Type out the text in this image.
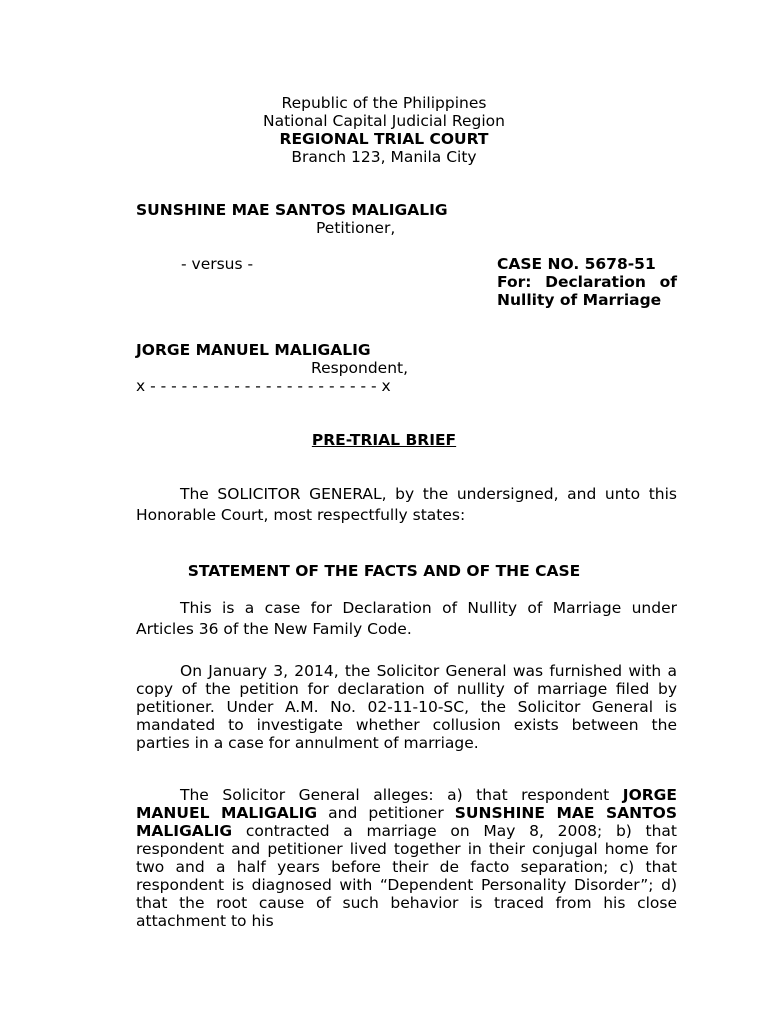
Republic of the Philippines
National Capital Judicial Region
REGIONAL TRIAL COURT
Branch 123, Manila City
SUNSHINE MAE SANTOS MALIGALIG
Petitioner,
- versus -	CASE NO. 5678-51
For: Declaration of Nullity of Marriage
JORGE MANUEL MALIGALIG
Respondent,
x - - - - - - - - - - - - - - - - - - - - - - x
PRE-TRIAL BRIEF
The SOLICITOR GENERAL, by the undersigned, and unto this Honorable Court, most respectfully states:
STATEMENT OF THE FACTS AND OF THE CASE
This is a case for Declaration of Nullity of Marriage under Articles 36 of the New Family Code.
On January 3, 2014, the Solicitor General was furnished with a copy of the petition for declaration of nullity of marriage filed by petitioner. Under A.M. No. 02-11-10-SC, the Solicitor General is mandated to investigate whether collusion exists between the parties in a case for annulment of marriage.
The Solicitor General alleges: a) that respondent JORGE MANUEL MALIGALIG and petitioner SUNSHINE MAE SANTOS MALIGALIG contracted a marriage on May 8, 2008; b) that respondent and petitioner lived together in their conjugal home for two and a half years before their de facto separation; c) that respondent is diagnosed with “Dependent Personality Disorder”; d) that the root cause of such behavior is traced from his close attachment to his
